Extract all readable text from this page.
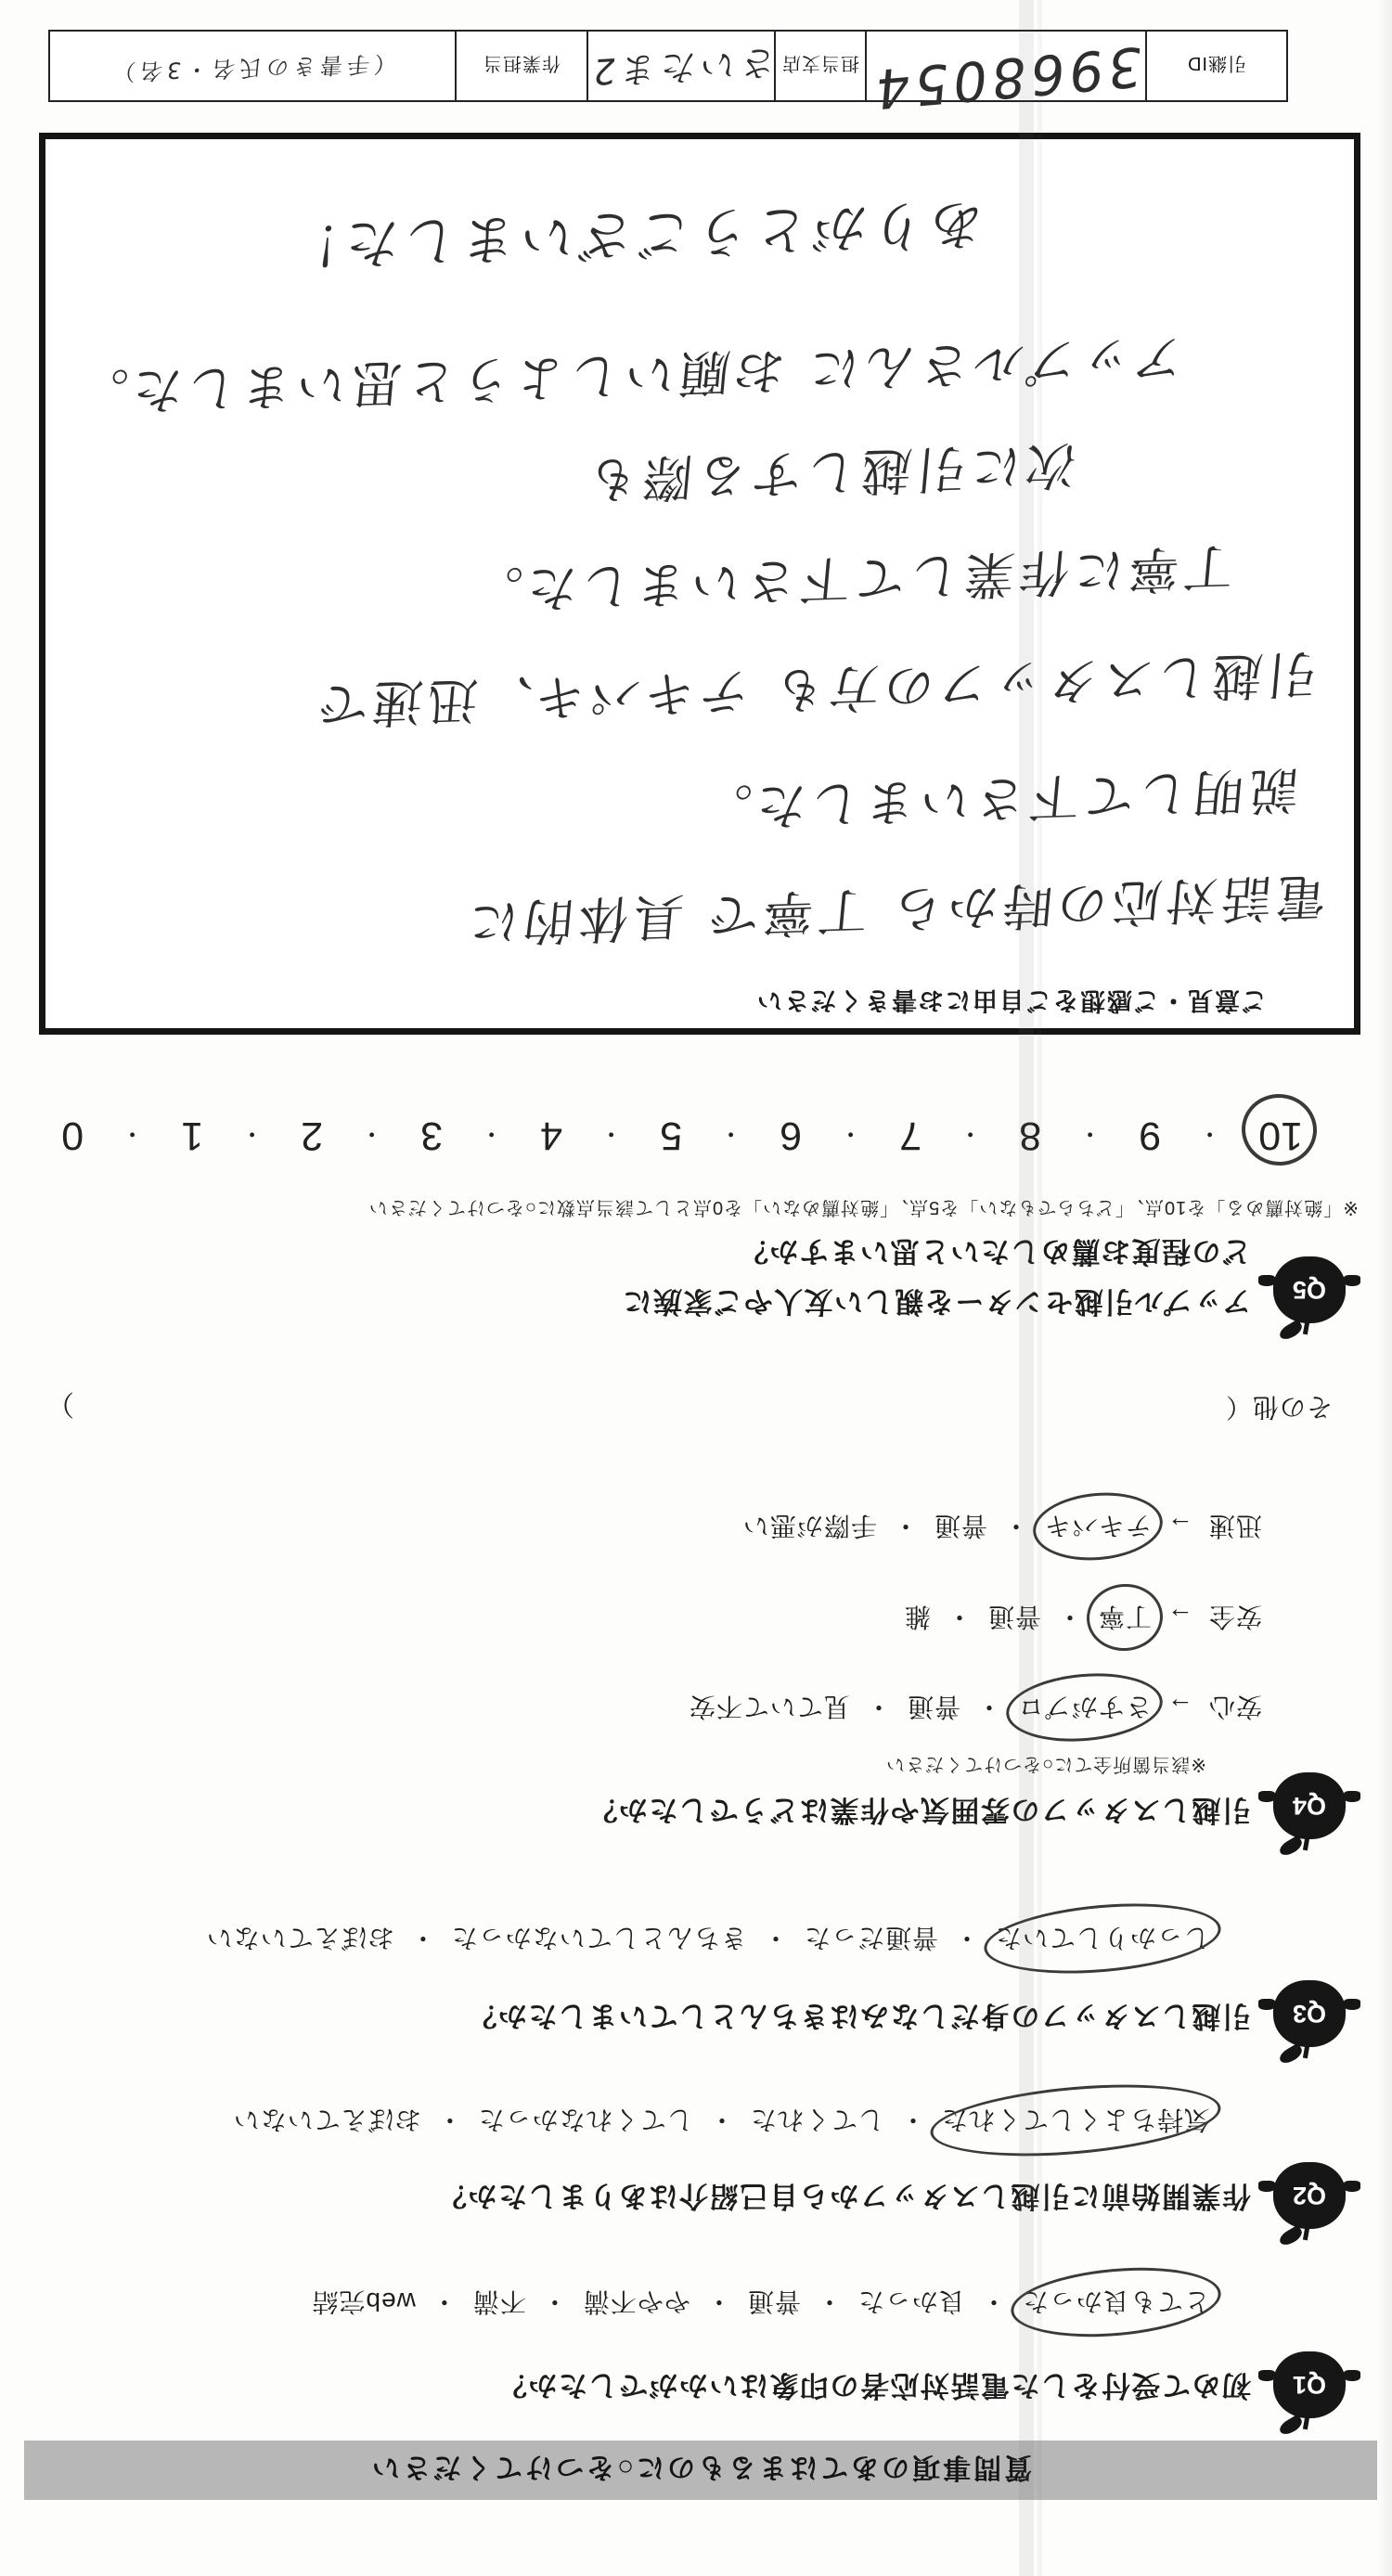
質問事項のあてはまるものに○をつけてください
Q1
初めて受付をした電話対応者の印象はいかがでしたか？
とても良かった・良かった・普通・やや不満・不満・web完結
Q2
作業開始前に引越しスタッフから自己紹介はありましたか？
気持ちよくしてくれた・してくれた・してくれなかった・おぼえていない
Q3
引越しスタッフの身だしなみはきちんとしていましたか？
しっかりしていた・普通だった・きちんとしていなかった・おぼえていない
Q4
引越しスタッフの雰囲気や作業はどうでしたか？
※該当箇所全てに○をつけてください
安心→さすがプロ・普通・見ていて不安
安全→丁寧・普通・雑
迅速→テキパキ・普通・手際が悪い
その他（
）
Q5
アップル引越センターを親しい友人やご家族に
どの程度お薦めしたいと思いますか？
※「絶対薦める」を10点、「どちらでもない」を5点、「絶対薦めない」を0点として該当点数に○をつけてください
10
・
9
・
8
・
7
・
6
・
5
・
4
・
3
・
2
・
1
・
0
ご意見・ご感想をご自由にお書きください
電話対応の時から 丁寧で 具体的に
説明して下さいました。
引越しスタッフの方も テキパキ、迅速で
丁寧に作業して下さいました。
次に引越しする際も
アップルさんに お願いしようと思いました。
ありがとうございました！
引継ID
3968054
担当支店
さいたま2
作業担当
（手書きの氏名・3名）
